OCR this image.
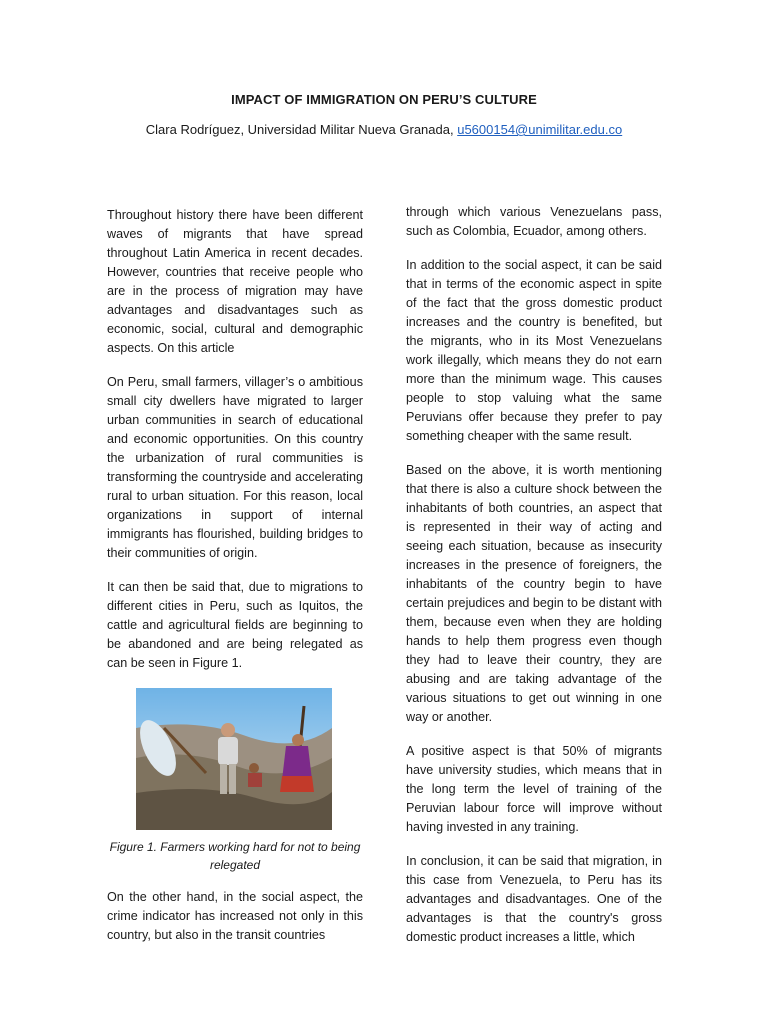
IMPACT OF IMMIGRATION ON PERU’S CULTURE
Clara Rodríguez, Universidad Militar Nueva Granada, u5600154@unimilitar.edu.co

Throughout history there have been different waves of migrants that have spread throughout Latin America in recent decades. However, countries that receive people who are in the process of migration may have advantages and disadvantages such as economic, social, cultural and demographic aspects. On this article

On Peru, small farmers, villager’s o ambitious small city dwellers have migrated to larger urban communities in search of educational and economic opportunities. On this country the urbanization of rural communities is transforming the countryside and accelerating rural to urban situation. For this reason, local organizations in support of internal immigrants has flourished, building bridges to their communities of origin.

It can then be said that, due to migrations to different cities in Peru, such as Iquitos, the cattle and agricultural fields are beginning to be abandoned and are being relegated as can be seen in Figure 1.

Figure 1. Farmers working hard for not to being relegated

On the other hand, in the social aspect, the crime indicator has increased not only in this country, but also in the transit countries

through which various Venezuelans pass, such as Colombia, Ecuador, among others.

In addition to the social aspect, it can be said that in terms of the economic aspect in spite of the fact that the gross domestic product increases and the country is benefited, but the migrants, who in its Most Venezuelans work illegally, which means they do not earn more than the minimum wage. This causes people to stop valuing what the same Peruvians offer because they prefer to pay something cheaper with the same result.

Based on the above, it is worth mentioning that there is also a culture shock between the inhabitants of both countries, an aspect that is represented in their way of acting and seeing each situation, because as insecurity increases in the presence of foreigners, the inhabitants of the country begin to have certain prejudices and begin to be distant with them, because even when they are holding hands to help them progress even though they had to leave their country, they are abusing and are taking advantage of the various situations to get out winning in one way or another.

A positive aspect is that 50% of migrants have university studies, which means that in the long term the level of training of the Peruvian labour force will improve without having invested in any training.

In conclusion, it can be said that migration, in this case from Venezuela, to Peru has its advantages and disadvantages. One of the advantages is that the country's gross domestic product increases a little, which
